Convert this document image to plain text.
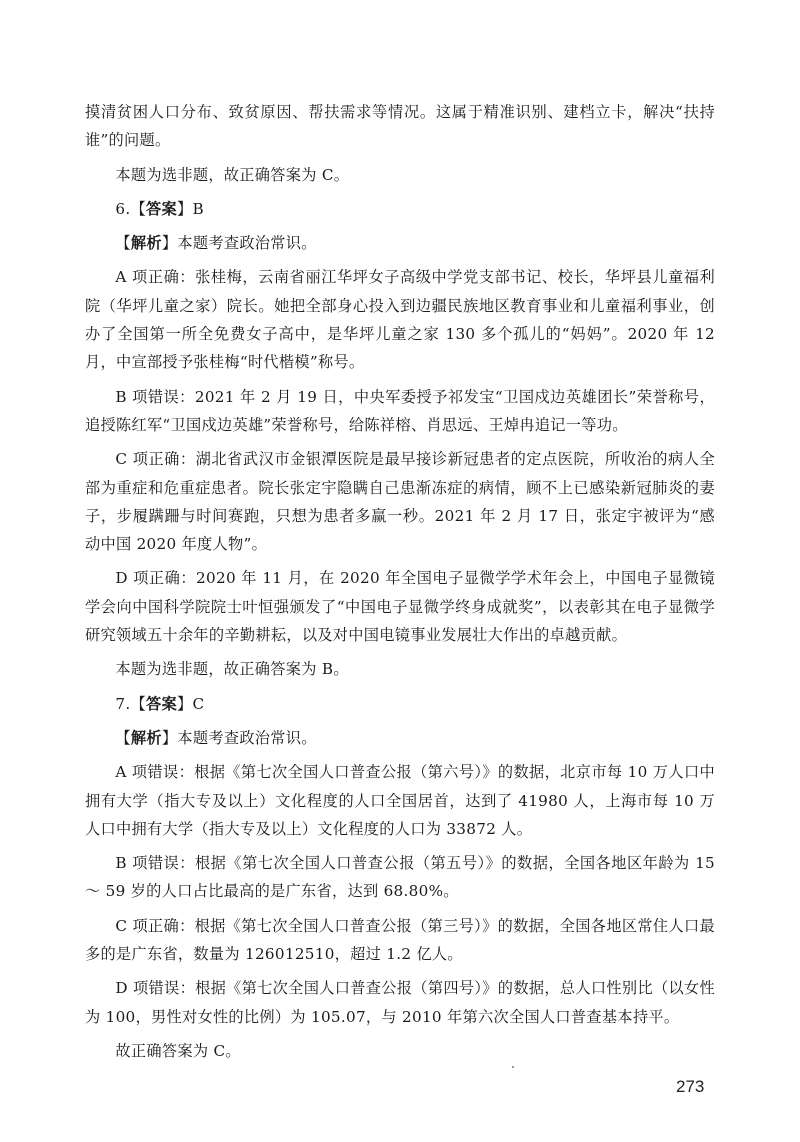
摸清贫困人口分布、致贫原因、帮扶需求等情况。这属于精准识别、建档立卡，解决“扶持谁”的问题。

本题为选非题，故正确答案为 C。

6.【答案】B

【解析】本题考查政治常识。

A 项正确：张桂梅，云南省丽江华坪女子高级中学党支部书记、校长，华坪县儿童福利院（华坪儿童之家）院长。她把全部身心投入到边疆民族地区教育事业和儿童福利事业，创办了全国第一所全免费女子高中，是华坪儿童之家 130 多个孤儿的“妈妈”。2020 年 12 月，中宣部授予张桂梅“时代楷模”称号。

B 项错误：2021 年 2 月 19 日，中央军委授予祁发宝“卫国戍边英雄团长”荣誉称号，追授陈红军“卫国戍边英雄”荣誉称号，给陈祥榕、肖思远、王焯冉追记一等功。

C 项正确：湖北省武汉市金银潭医院是最早接诊新冠患者的定点医院，所收治的病人全部为重症和危重症患者。院长张定宇隐瞒自己患渐冻症的病情，顾不上已感染新冠肺炎的妻子，步履蹒跚与时间赛跑，只想为患者多赢一秒。2021 年 2 月 17 日，张定宇被评为“感动中国 2020 年度人物”。

D 项正确：2020 年 11 月，在 2020 年全国电子显微学学术年会上，中国电子显微镜学会向中国科学院院士叶恒强颁发了“中国电子显微学终身成就奖”，以表彰其在电子显微学研究领域五十余年的辛勤耕耘，以及对中国电镜事业发展壮大作出的卓越贡献。

本题为选非题，故正确答案为 B。

7.【答案】C

【解析】本题考查政治常识。

A 项错误：根据《第七次全国人口普查公报（第六号）》的数据，北京市每 10 万人口中拥有大学（指大专及以上）文化程度的人口全国居首，达到了 41980 人，上海市每 10 万人口中拥有大学（指大专及以上）文化程度的人口为 33872 人。

B 项错误：根据《第七次全国人口普查公报（第五号）》的数据，全国各地区年龄为 15 ～ 59 岁的人口占比最高的是广东省，达到 68.80%。

C 项正确：根据《第七次全国人口普查公报（第三号）》的数据，全国各地区常住人口最多的是广东省，数量为 126012510，超过 1.2 亿人。

D 项错误：根据《第七次全国人口普查公报（第四号）》的数据，总人口性别比（以女性为 100，男性对女性的比例）为 105.07，与 2010 年第六次全国人口普查基本持平。

故正确答案为 C。

273
